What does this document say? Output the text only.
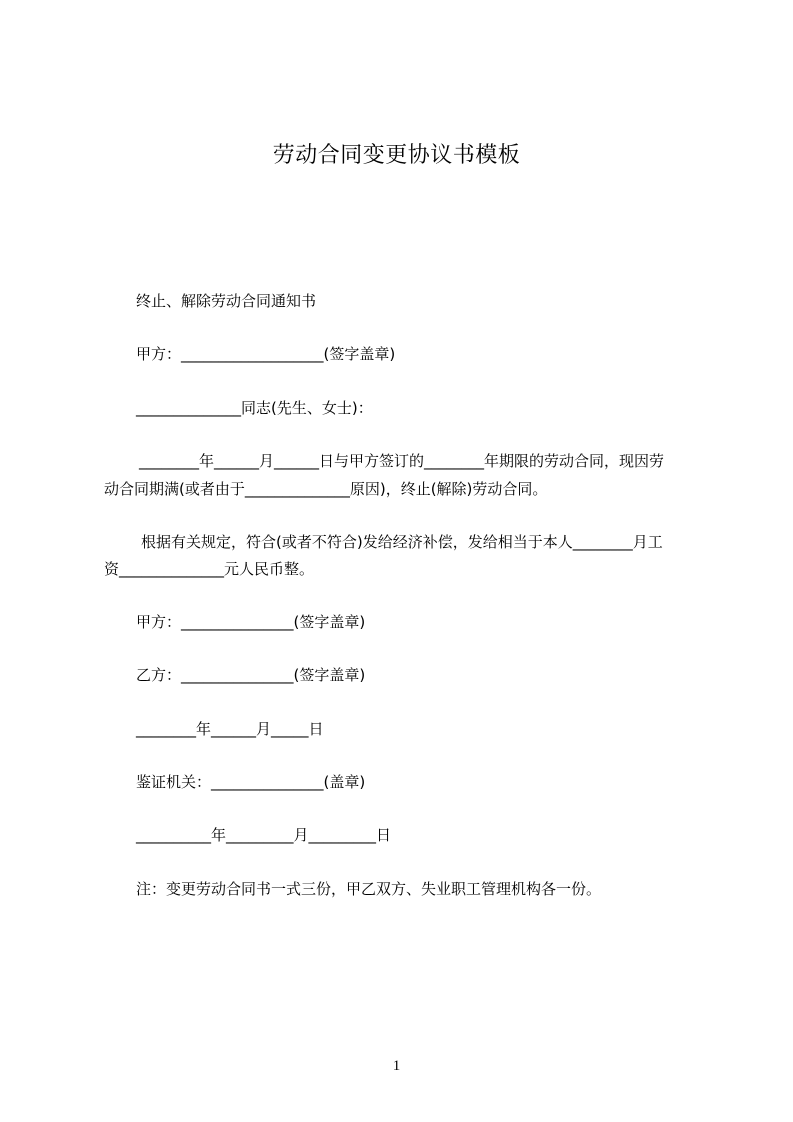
劳动合同变更协议书模板
终止、解除劳动合同通知书
甲方：___________________(签字盖章)
______________同志(先生、女士)：
________年______月______日与甲方签订的________年期限的劳动合同，现因劳
动合同期满(或者由于______________原因)，终止(解除)劳动合同。
根据有关规定，符合(或者不符合)发给经济补偿，发给相当于本人________月工
资______________元人民币整。
甲方：_______________(签字盖章)
乙方：_______________(签字盖章)
________年______月_____日
鉴证机关：_______________(盖章)
__________年_________月_________日
注：变更劳动合同书一式三份，甲乙双方、失业职工管理机构各一份。
1
